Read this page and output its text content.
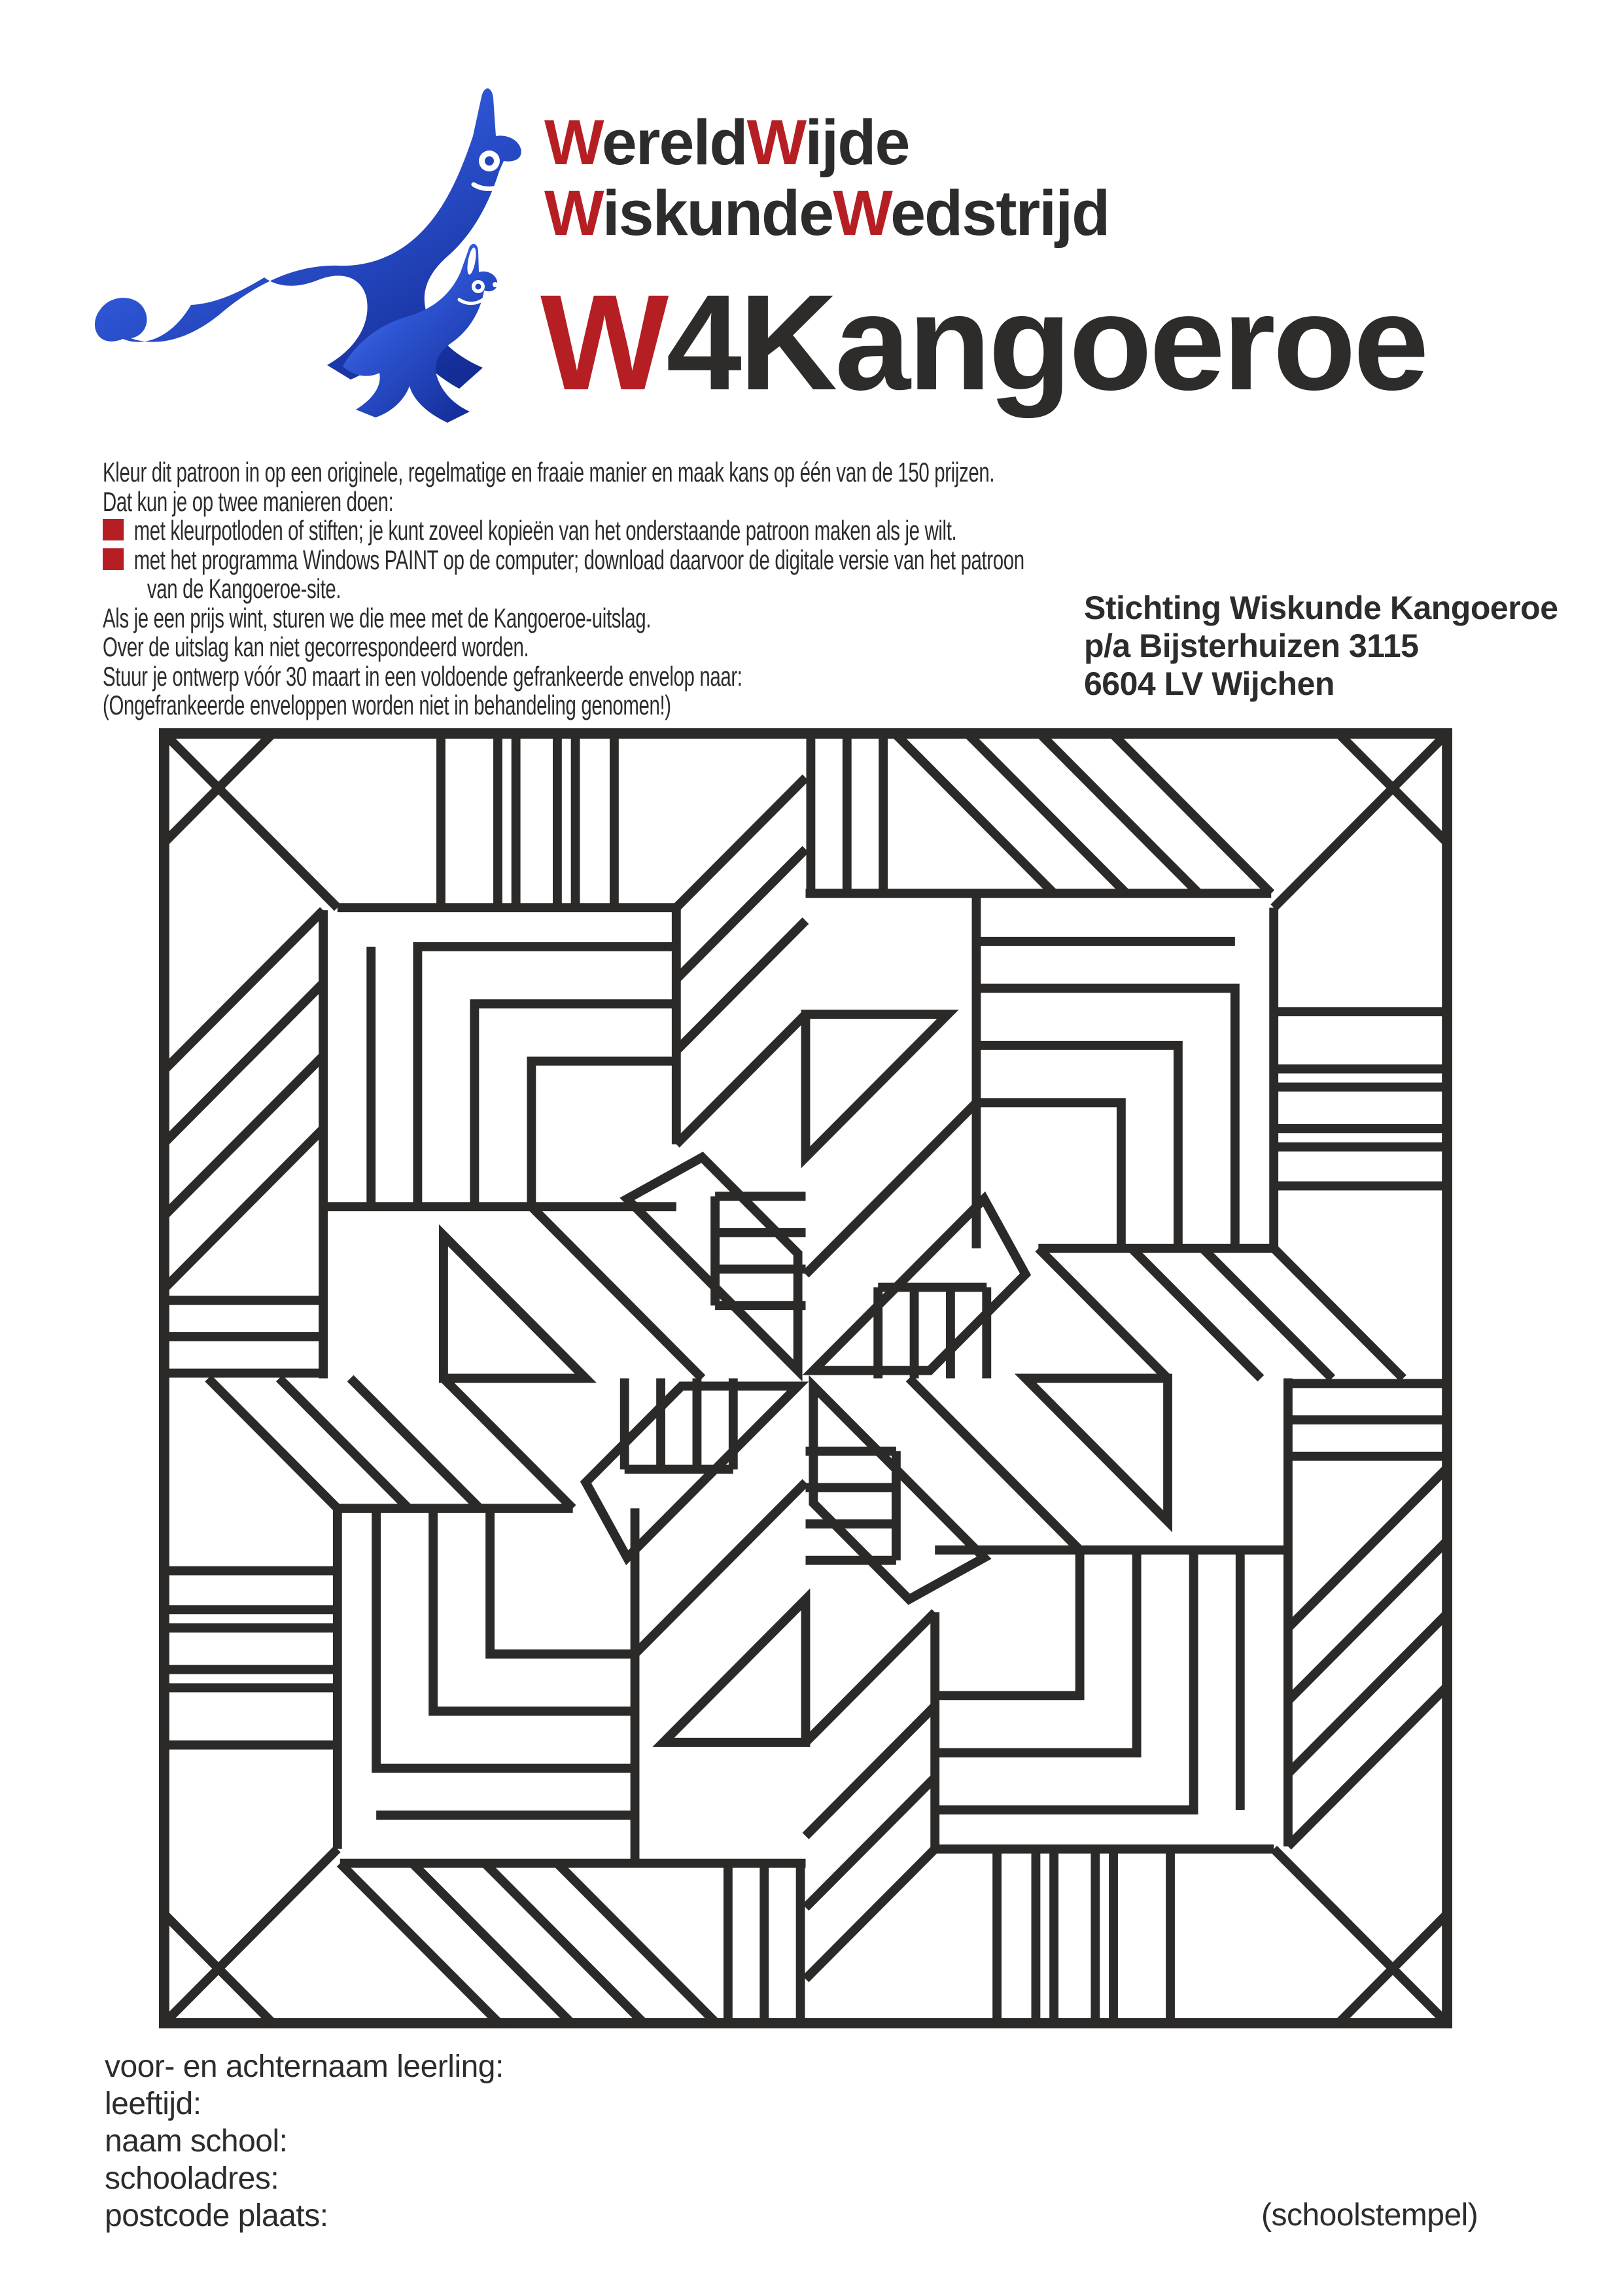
WereldWijde
WiskundeWedstrijd
W4Kangoeroe
Kleur dit patroon in op een originele, regelmatige en fraaie manier en maak kans op één van de 150 prijzen.
Dat kun je op twee manieren doen:
met kleurpotloden of stiften; je kunt zoveel kopieën van het onderstaande patroon maken als je wilt.
met het programma Windows PAINT op de computer; download daarvoor de digitale versie van het patroon
van de Kangoeroe-site.
Als je een prijs wint, sturen we die mee met de Kangoeroe-uitslag.
Over de uitslag kan niet gecorrespondeerd worden.
Stuur je ontwerp vóór 30 maart in een voldoende gefrankeerde envelop naar:
(Ongefrankeerde enveloppen worden niet in behandeling genomen!)
Stichting Wiskunde Kangoeroe
p/a Bijsterhuizen 3115
6604 LV Wijchen
voor- en achternaam leerling:
leeftijd:
naam school:
schooladres:
postcode plaats:	(schoolstempel)
